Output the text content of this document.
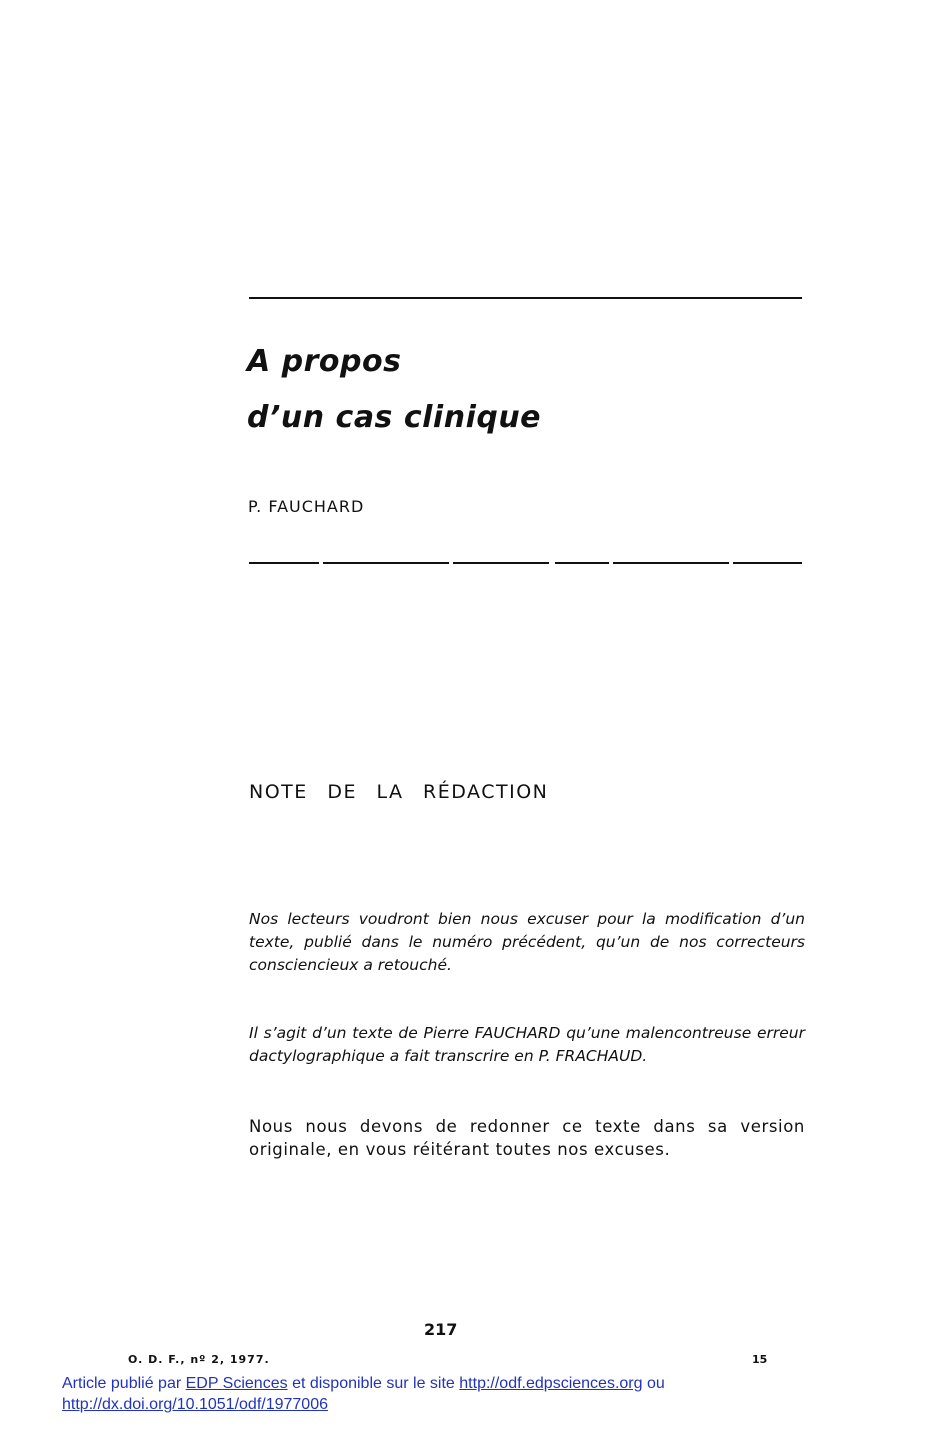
A propos
d’un cas clinique
P. FAUCHARD
NOTE DE LA RÉDACTION

Nos lecteurs voudront bien nous excuser pour la modification d’un texte, publié dans le numéro précédent, qu’un de nos correcteurs consciencieux a retouché.

Il s’agit d’un texte de Pierre FAUCHARD qu’une malencontreuse erreur dactylographique a fait transcrire en P. FRACHAUD.

Nous nous devons de redonner ce texte dans sa version originale, en vous réitérant toutes nos excuses.

217
O. D. F., nº 2, 1977.	15
Article publié par EDP Sciences et disponible sur le site http://odf.edpsciences.org ou
http://dx.doi.org/10.1051/odf/1977006
